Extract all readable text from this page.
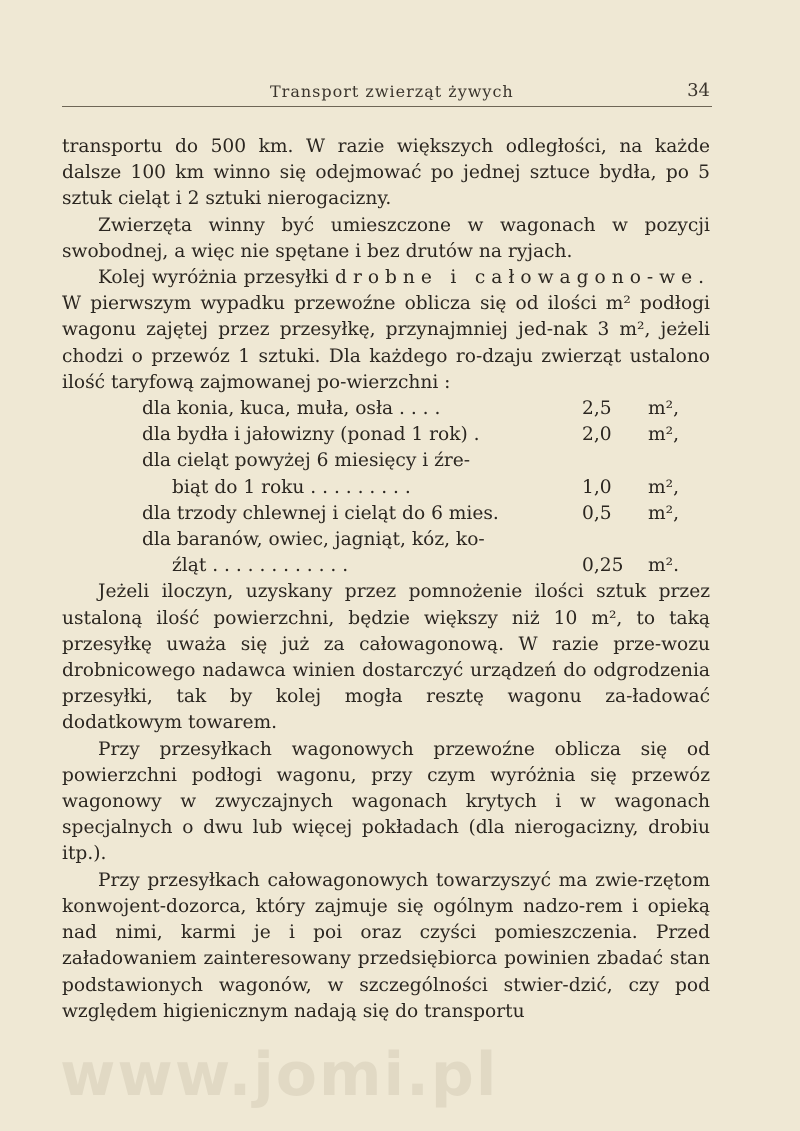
Transport zwierząt żywych	34

transportu do 500 km. W razie większych odległości, na każde dalsze 100 km winno się odejmować po jednej sztuce bydła, po 5 sztuk cieląt i 2 sztuki nierogacizny.

Zwierzęta winny być umieszczone w wagonach w pozycji swobodnej, a więc nie spętane i bez drutów na ryjach.

Kolej wyróżnia przesyłki drobne i całowagono-we. W pierwszym wypadku przewoźne oblicza się od ilości m² podłogi wagonu zajętej przez przesyłkę, przynajmniej jed-nak 3 m², jeżeli chodzi o przewóz 1 sztuki. Dla każdego ro-dzaju zwierząt ustalono ilość taryfową zajmowanej po-wierzchni :

dla konia, kuca, muła, osła . . . .	2,5	m²,
dla bydła i jałowizny (ponad 1 rok) .	2,0	m²,
dla cieląt powyżej 6 miesięcy i źre-		
biąt do 1 roku . . . . . . . . .	1,0	m²,
dla trzody chlewnej i cieląt do 6 mies.	0,5	m²,
dla baranów, owiec, jagniąt, kóz, ko-		
źląt . . . . . . . . . . . .	0,25	m².

Jeżeli iloczyn, uzyskany przez pomnożenie ilości sztuk przez ustaloną ilość powierzchni, będzie większy niż 10 m², to taką przesyłkę uważa się już za całowagonową. W razie prze-wozu drobnicowego nadawca winien dostarczyć urządzeń do odgrodzenia przesyłki, tak by kolej mogła resztę wagonu za-ładować dodatkowym towarem.

Przy przesyłkach wagonowych przewoźne oblicza się od powierzchni podłogi wagonu, przy czym wyróżnia się przewóz wagonowy w zwyczajnych wagonach krytych i w wagonach specjalnych o dwu lub więcej pokładach (dla nierogacizny, drobiu itp.).

Przy przesyłkach całowagonowych towarzyszyć ma zwie-rzętom konwojent-dozorca, który zajmuje się ogólnym nadzo-rem i opieką nad nimi, karmi je i poi oraz czyści pomieszczenia. Przed załadowaniem zainteresowany przedsiębiorca powinien zbadać stan podstawionych wagonów, w szczególności stwier-dzić, czy pod względem higienicznym nadają się do transportu

www.jomi.pl
